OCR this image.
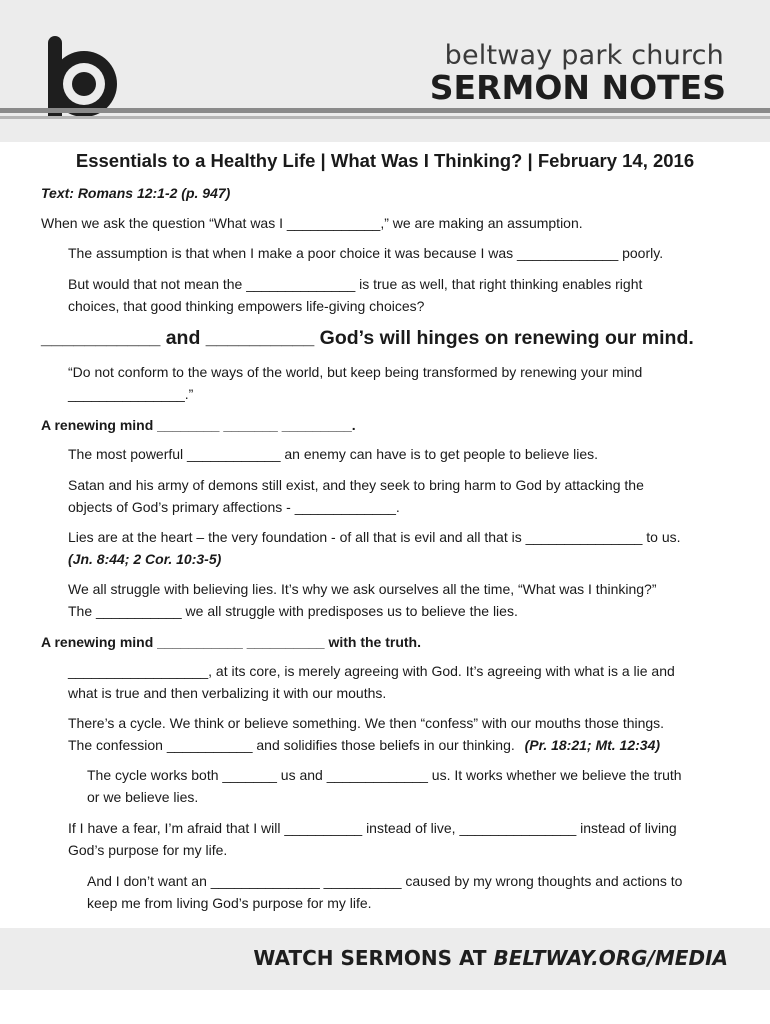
beltway park church
SERMON NOTES
Essentials to a Healthy Life | What Was I Thinking? | February 14, 2016
Text: Romans 12:1-2 (p. 947)
When we ask the question “What was I ____________,” we are making an assumption.
The assumption is that when I make a poor choice it was because I was _____________ poorly.
But would that not mean the ______________ is true as well, that right thinking enables right
choices, that good thinking empowers life-giving choices?
___________ and __________ God’s will hinges on renewing our mind.
“Do not conform to the ways of the world, but keep being transformed by renewing your mind
_______________.”
A renewing mind ________ _______ _________.
The most powerful ____________ an enemy can have is to get people to believe lies.
Satan and his army of demons still exist, and they seek to bring harm to God by attacking the
objects of God’s primary affections - _____________.
Lies are at the heart – the very foundation - of all that is evil and all that is _______________ to us.
(Jn. 8:44; 2 Cor. 10:3-5)
We all struggle with believing lies. It’s why we ask ourselves all the time, “What was I thinking?”
The ___________ we all struggle with predisposes us to believe the lies.
A renewing mind ___________ __________ with the truth.
__________________, at its core, is merely agreeing with God. It’s agreeing with what is a lie and
what is true and then verbalizing it with our mouths.
There’s a cycle. We think or believe something. We then “confess” with our mouths those things.
The confession ___________ and solidifies those beliefs in our thinking. (Pr. 18:21; Mt. 12:34)
The cycle works both _______ us and _____________ us. It works whether we believe the truth
or we believe lies.
If I have a fear, I’m afraid that I will __________ instead of live, _______________ instead of living
God’s purpose for my life.
And I don’t want an ______________ __________ caused by my wrong thoughts and actions to
keep me from living God’s purpose for my life.
WATCH SERMONS AT BELTWAY.ORG/MEDIA
